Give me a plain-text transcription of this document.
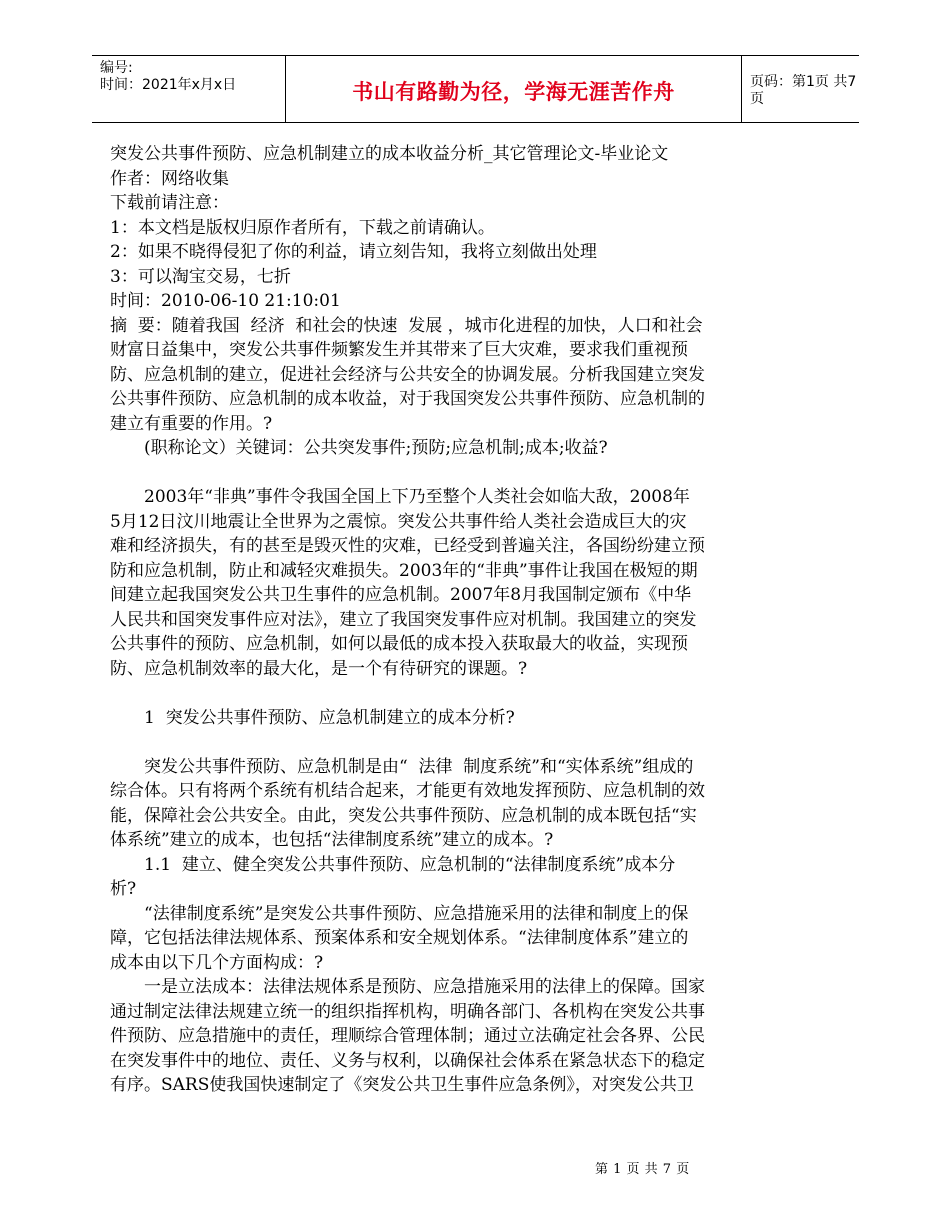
编号:
时间：2021年x月x日	书山有路勤为径，学海无涯苦作舟	页码：第1页 共7页
突发公共事件预防、应急机制建立的成本收益分析_其它管理论文-毕业论文
作者：网络收集
下载前请注意：
1：本文档是版权归原作者所有，下载之前请确认。
2：如果不晓得侵犯了你的利益，请立刻告知，我将立刻做出处理
3：可以淘宝交易，七折
时间：2010-06-10 21:10:01
摘  要：随着我国  经济  和社会的快速  发展 ，城市化进程的加快，人口和社会
财富日益集中，突发公共事件频繁发生并其带来了巨大灾难，要求我们重视预
防、应急机制的建立，促进社会经济与公共安全的协调发展。分析我国建立突发
公共事件预防、应急机制的成本收益，对于我国突发公共事件预防、应急机制的
建立有重要的作用。?
(职称论文）关键词：公共突发事件;预防;应急机制;成本;收益?
2003年“非典”事件令我国全国上下乃至整个人类社会如临大敌，2008年
5月12日汶川地震让全世界为之震惊。突发公共事件给人类社会造成巨大的灾
难和经济损失，有的甚至是毁灭性的灾难，已经受到普遍关注，各国纷纷建立预
防和应急机制，防止和减轻灾难损失。2003年的“非典”事件让我国在极短的期
间建立起我国突发公共卫生事件的应急机制。2007年8月我国制定颁布《中华
人民共和国突发事件应对法》，建立了我国突发事件应对机制。我国建立的突发
公共事件的预防、应急机制，如何以最低的成本投入获取最大的收益，实现预
防、应急机制效率的最大化，是一个有待研究的课题。?
1  突发公共事件预防、应急机制建立的成本分析?
突发公共事件预防、应急机制是由“  法律  制度系统”和“实体系统”组成的
综合体。只有将两个系统有机结合起来，才能更有效地发挥预防、应急机制的效
能，保障社会公共安全。由此，突发公共事件预防、应急机制的成本既包括“实
体系统”建立的成本，也包括“法律制度系统”建立的成本。?
1.1  建立、健全突发公共事件预防、应急机制的“法律制度系统”成本分
析?
“法律制度系统”是突发公共事件预防、应急措施采用的法律和制度上的保
障，它包括法律法规体系、预案体系和安全规划体系。“法律制度体系”建立的
成本由以下几个方面构成：?
一是立法成本：法律法规体系是预防、应急措施采用的法律上的保障。国家
通过制定法律法规建立统一的组织指挥机构，明确各部门、各机构在突发公共事
件预防、应急措施中的责任，理顺综合管理体制；通过立法确定社会各界、公民
在突发事件中的地位、责任、义务与权利，以确保社会体系在紧急状态下的稳定
有序。SARS使我国快速制定了《突发公共卫生事件应急条例》，对突发公共卫
第 1 页 共 7 页
